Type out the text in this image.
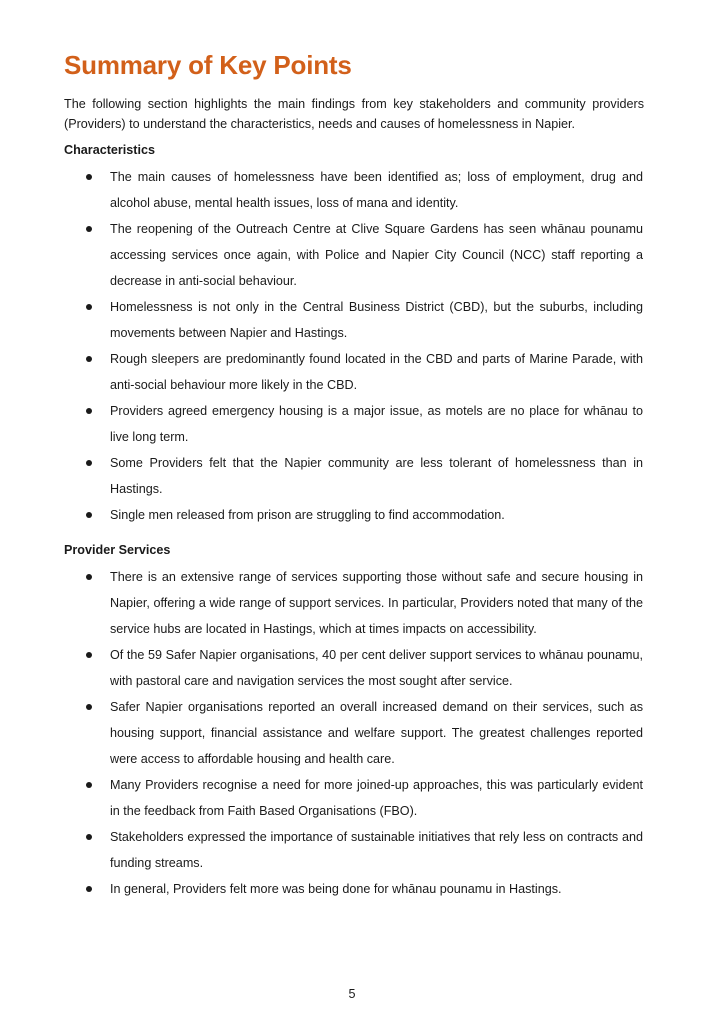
Summary of Key Points

The following section highlights the main findings from key stakeholders and community providers (Providers) to understand the characteristics, needs and causes of homelessness in Napier.

Characteristics

The main causes of homelessness have been identified as; loss of employment, drug and alcohol abuse, mental health issues, loss of mana and identity.
The reopening of the Outreach Centre at Clive Square Gardens has seen whānau pounamu accessing services once again, with Police and Napier City Council (NCC) staff reporting a decrease in anti-social behaviour.
Homelessness is not only in the Central Business District (CBD), but the suburbs, including movements between Napier and Hastings.
Rough sleepers are predominantly found located in the CBD and parts of Marine Parade, with anti-social behaviour more likely in the CBD.
Providers agreed emergency housing is a major issue, as motels are no place for whānau to live long term.
Some Providers felt that the Napier community are less tolerant of homelessness than in Hastings.
Single men released from prison are struggling to find accommodation.

Provider Services

There is an extensive range of services supporting those without safe and secure housing in Napier, offering a wide range of support services. In particular, Providers noted that many of the service hubs are located in Hastings, which at times impacts on accessibility.
Of the 59 Safer Napier organisations, 40 per cent deliver support services to whānau pounamu, with pastoral care and navigation services the most sought after service.
Safer Napier organisations reported an overall increased demand on their services, such as housing support, financial assistance and welfare support. The greatest challenges reported were access to affordable housing and health care.
Many Providers recognise a need for more joined-up approaches, this was particularly evident in the feedback from Faith Based Organisations (FBO).
Stakeholders expressed the importance of sustainable initiatives that rely less on contracts and funding streams.
In general, Providers felt more was being done for whānau pounamu in Hastings.
5
